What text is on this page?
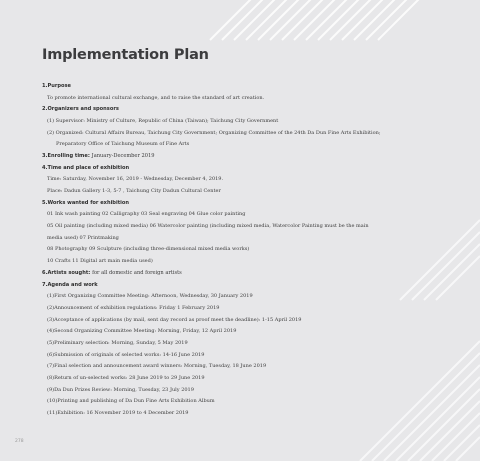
Implementation Plan
1.Purpose
To promote international cultural exchange, and to raise the standard of art creation.
2.Organizers and sponsors
(1) Supervisor: Ministry of Culture, Republic of China (Taiwan); Taichung City Government
(2) Organized: Cultural Affairs Bureau, Taichung City Government; Organizing Committee of the 24th Da Dun Fine Arts Exhibition;
Preparatory Office of Taichung Museum of Fine Arts
3.Enrolling time: January-December 2019
4.Time and place of exhibition
Time: Saturday, November 16, 2019 - Wednesday, December 4, 2019.
Place: Dadun Gallery 1-3, 5-7 , Taichung City Dadun Cultural Center
5.Works wanted for exhibition
01 Ink wash painting 02 Calligraphy 03 Seal engraving 04 Glue color painting
05 Oil painting (including mixed media) 06 Watercolor painting (including mixed media, Watercolor Painting must be the main
media used) 07 Printmaking
08 Photography 09 Sculpture (including three-dimensional mixed media works)
10 Crafts 11 Digital art main media used)
6.Artists sought: for all domestic and foreign artists
7.Agenda and work
(1)First Organizing Committee Meeting: Afternoon, Wednesday, 30 January 2019
(2)Announcement of exhibition regulations: Friday 1 February 2019
(3)Acceptance of applications (by mail, sent day record as proof meet the deadline): 1-15 April 2019
(4)Second Organizing Committee Meeting: Morning, Friday, 12 April 2019
(5)Preliminary selection: Morning, Sunday, 5 May 2019
(6)Submission of originals of selected works: 14-16 June 2019
(7)Final selection and announcement award winners: Morning, Tuesday, 18 June 2019
(8)Return of un-selected works: 28 June 2019 to 29 June 2019
(9)Da Dun Prizes Review: Morning, Tuesday, 23 July 2019
(10)Printing and publishing of Da Dun Fine Arts Exhibition Album
(11)Exhibition: 16 November 2019 to 4 December 2019
278
